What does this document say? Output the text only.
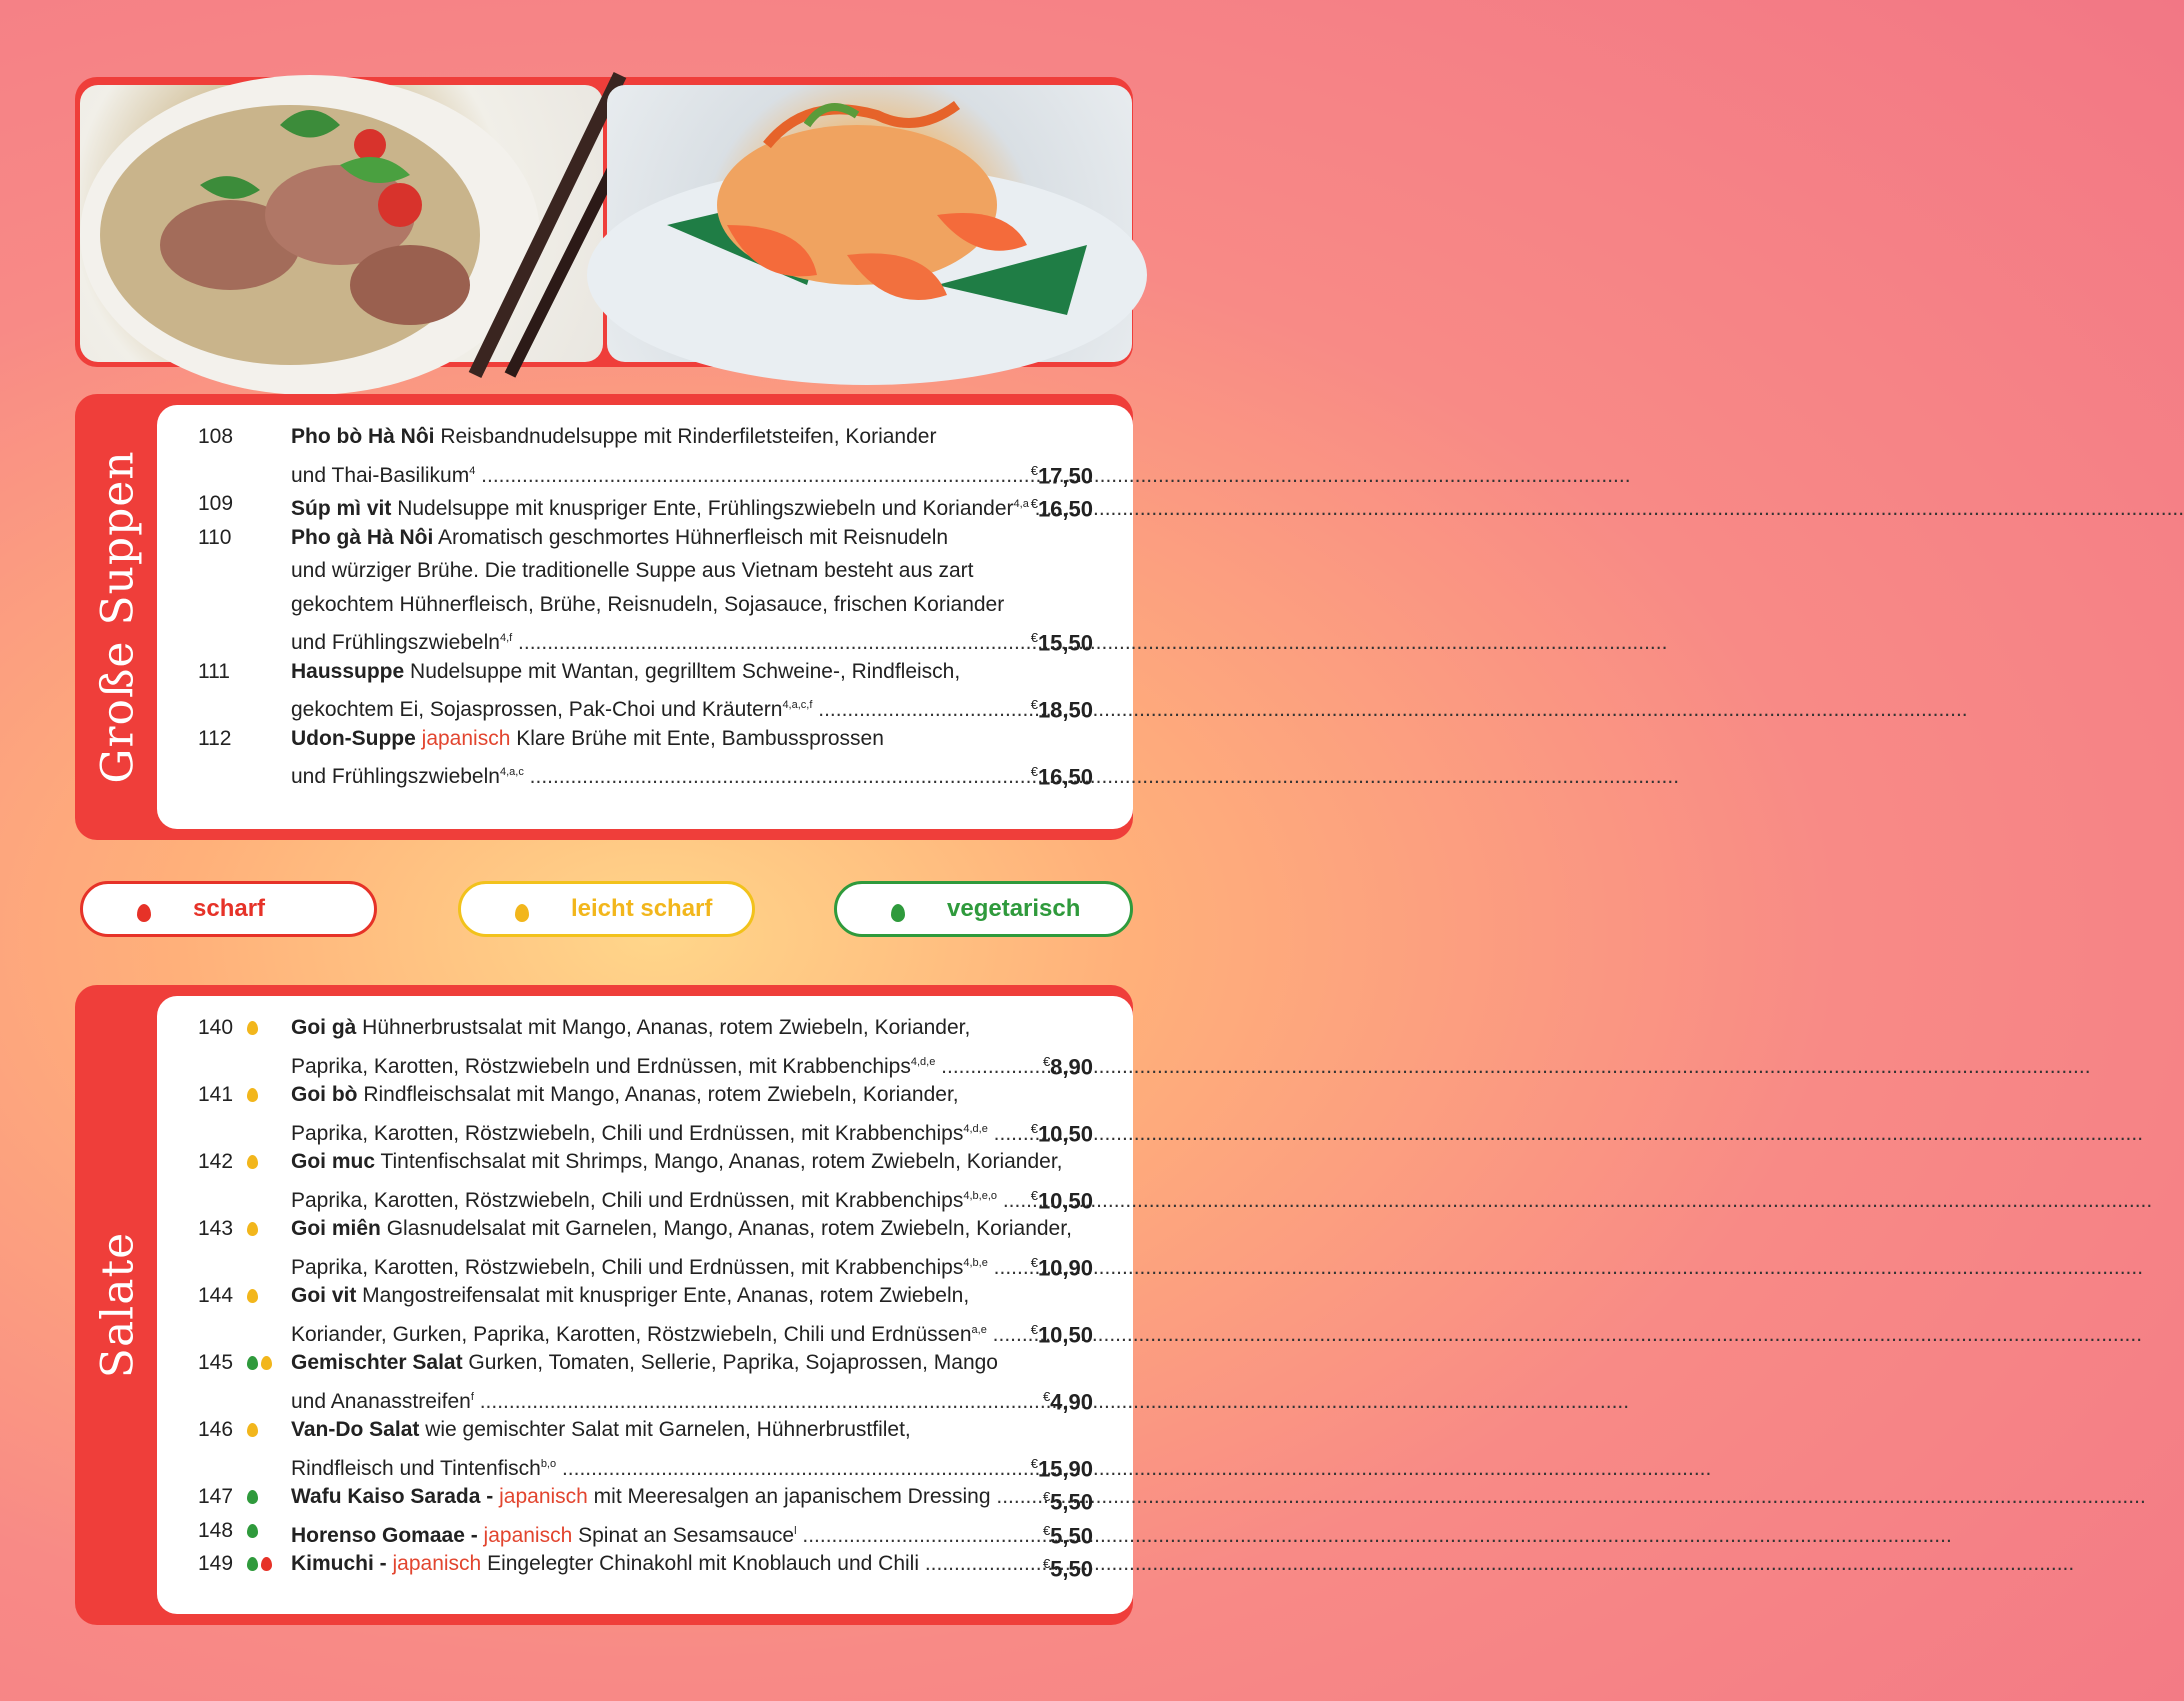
Große Suppen
108	Pho bò Hà Nôi Reisbandnudelsuppe mit Rinderfiletsteifen, Koriander
und Thai-Basilikum$^4$ .....	€17,50
109	Súp mì vit Nudelsuppe mit knuspriger Ente, Frühlingszwiebeln und Koriander$^{4,a}$ ..... €16,50
110	Pho gà Hà Nôi Aromatisch geschmortes Hühnerfleisch mit Reisnudeln
und würziger Brühe. Die traditionelle Suppe aus Vietnam besteht aus zart
gekochtem Hühnerfleisch, Brühe, Reisnudeln, Sojasauce, frischen Koriander
und Frühlingszwiebeln$^{4,f}$ .....	€15,50
111	Haussuppe Nudelsuppe mit Wantan, gegrilltem Schweine-, Rindfleisch,
gekochtem Ei, Sojasprossen, Pak-Choi und Kräutern$^{4,a,c,f}$ .....	€18,50
112	Udon-Suppe japanisch Klare Brühe mit Ente, Bambussprossen
und Frühlingszwiebeln$^{4,a,c}$ .....	€16,50
scharf	leicht scharf	vegetarisch
Salate
140	Goi gà Hühnerbrustsalat mit Mango, Ananas, rotem Zwiebeln, Koriander,
Paprika, Karotten, Röstzwiebeln und Erdnüssen, mit Krabbenchips$^{4,d,e}$ .....	€8,90
141	Goi bò Rindfleischsalat mit Mango, Ananas, rotem Zwiebeln, Koriander,
Paprika, Karotten, Röstzwiebeln, Chili und Erdnüssen, mit Krabbenchips$^{4,d,e}$ .....	€10,50
142	Goi muc Tintenfischsalat mit Shrimps, Mango, Ananas, rotem Zwiebeln, Koriander,
Paprika, Karotten, Röstzwiebeln, Chili und Erdnüssen, mit Krabbenchips$^{4,b,e,o}$ .....	€10,50
143	Goi miên Glasnudelsalat mit Garnelen, Mango, Ananas, rotem Zwiebeln, Koriander,
Paprika, Karotten, Röstzwiebeln, Chili und Erdnüssen, mit Krabbenchips$^{4,b,e}$ .....	€10,90
144	Goi vit Mangostreifensalat mit knuspriger Ente, Ananas, rotem Zwiebeln,
Koriander, Gurken, Paprika, Karotten, Röstzwiebeln, Chili und Erdnüssen$^{a,e}$ .....	€10,50
145	Gemischter Salat Gurken, Tomaten, Sellerie, Paprika, Sojaprossen, Mango
und Ananasstreifen$^f$ .....	€4,90
146	Van-Do Salat wie gemischter Salat mit Garnelen, Hühnerbrustfilet,
Rindfleisch und Tintenfisch$^{b,o}$ .....	€15,90
147	Wafu Kaiso Sarada - japanisch mit Meeresalgen an japanischem Dressing .....	€5,50
148	Horenso Gomaae - japanisch Spinat an Sesamsauce$^l$ .....	€5,50
149	Kimuchi - japanisch Eingelegter Chinakohl mit Knoblauch und Chili .....	€5,50
